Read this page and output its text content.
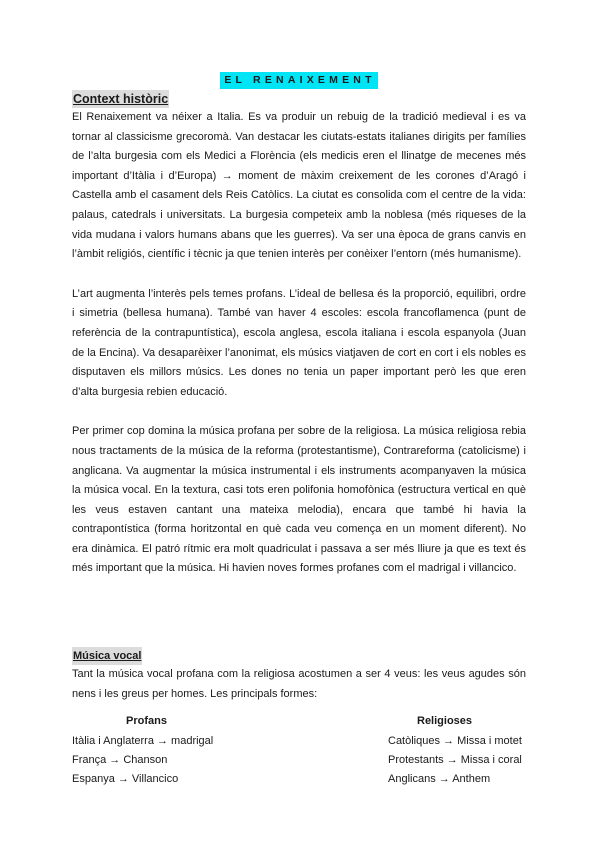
EL RENAIXEMENT
Context històric

El Renaixement va néixer a Italia. Es va produir un rebuig de la tradició medieval i es va tornar al classicisme grecoromà. Van destacar les ciutats-estats italianes dirigits per famílies de l’alta burgesia com els Medici a Florència (els medicis eren el llinatge de mecenes més important d’Itàlia i d’Europa) → moment de màxim creixement de les corones d’Aragó i Castella amb el casament dels Reis Catòlics. La ciutat es consolida com el centre de la vida: palaus, catedrals i universitats. La burgesia competeix amb la noblesa (més riqueses de la vida mudana i valors humans abans que les guerres). Va ser una època de grans canvis en l’àmbit religiós, científic i tècnic ja que tenien interès per conèixer l’entorn (més humanisme).

L’art augmenta l’interès pels temes profans. L’ideal de bellesa és la proporció, equilibri, ordre i simetria (bellesa humana). També van haver 4 escoles: escola francoflamenca (punt de referència de la contrapuntística), escola anglesa, escola italiana i escola espanyola (Juan de la Encina). Va desaparèixer l’anonimat, els músics viatjaven de cort en cort i els nobles es disputaven els millors músics. Les dones no tenia un paper important però les que eren d’alta burgesia rebien educació.

Per primer cop domina la música profana per sobre de la religiosa. La música religiosa rebia nous tractaments de la música de la reforma (protestantisme), Contrareforma (catolicisme) i anglicana. Va augmentar la música instrumental i els instruments acompanyaven la música la música vocal. En la textura, casi tots eren polifonia homofònica (estructura vertical en què les veus estaven cantant una mateixa melodia), encara que també hi havia la contrapontística (forma horitzontal en què cada veu comença en un moment diferent). No era dinàmica. El patró rítmic era molt quadriculat i passava a ser més lliure ja que es text és més important que la música. Hi havien noves formes profanes com el madrigal i villancico.

Música vocal

Tant la música vocal profana com la religiosa acostumen a ser 4 veus: les veus agudes són nens i les greus per homes. Les principals formes:

Profans	Religioses
Itàlia i Anglaterra → madrigal
França → Chanson
Espanya → Villancico
Catòliques → Missa i motet
Protestants → Missa i coral
Anglicans → Anthem
